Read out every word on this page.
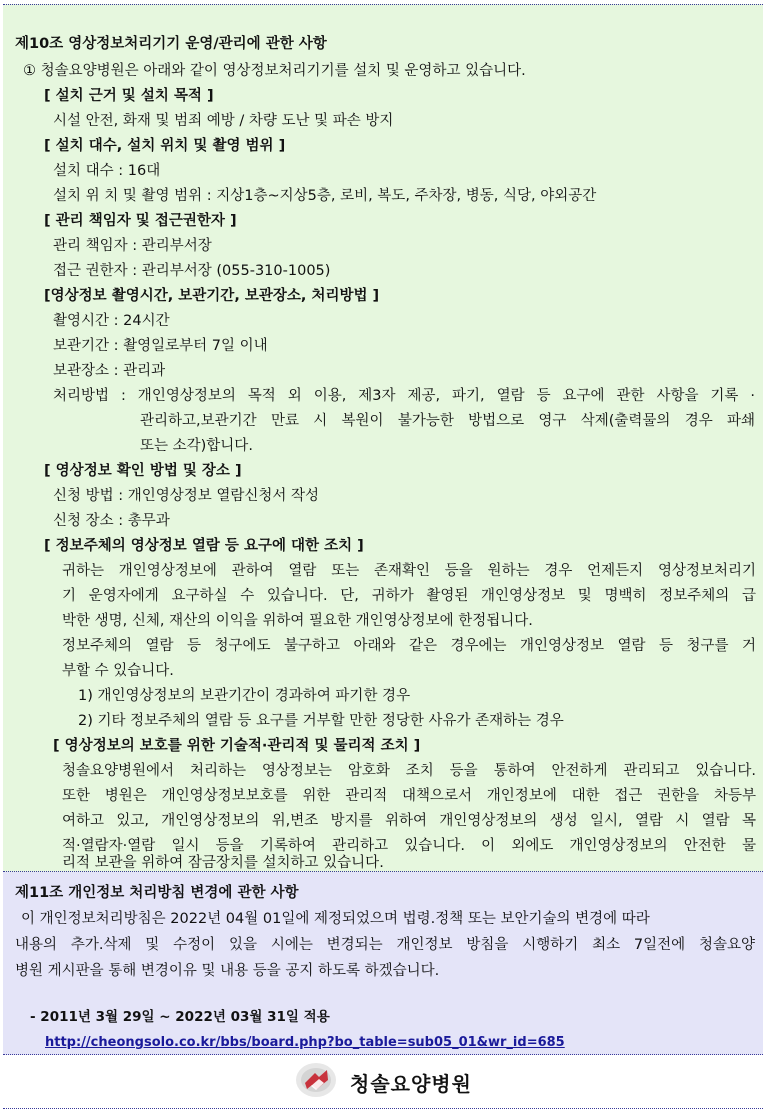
제10조 영상정보처리기기 운영/관리에 관한 사항
① 청솔요양병원은 아래와 같이 영상정보처리기기를 설치 및 운영하고 있습니다.
[ 설치 근거 및 설치 목적 ]
시설 안전, 화재 및 범죄 예방 / 차량 도난 및 파손 방지
[ 설치 대수, 설치 위치 및 촬영 범위 ]
설치 대수 : 16대
설치 위 치 및 촬영 범위 : 지상1층~지상5층, 로비, 복도, 주차장, 병동, 식당, 야외공간
[ 관리 책임자 및 접근권한자 ]
관리 책임자 : 관리부서장
접근 권한자 : 관리부서장 (055-310-1005)
[영상정보 촬영시간, 보관기간, 보관장소, 처리방법 ]
촬영시간 : 24시간
보관기간 : 촬영일로부터 7일 이내
보관장소 : 관리과
처리방법 : 개인영상정보의 목적 외 이용, 제3자 제공, 파기, 열람 등 요구에 관한 사항을 기록 ·
관리하고,보관기간 만료 시 복원이 불가능한 방법으로 영구 삭제(출력물의 경우 파쇄
또는 소각)합니다.
[ 영상정보 확인 방법 및 장소 ]
신청 방법 : 개인영상정보 열람신청서 작성
신청 장소 : 총무과
[ 정보주체의 영상정보 열람 등 요구에 대한 조치 ]
귀하는 개인영상정보에 관하여 열람 또는 존재확인 등을 원하는 경우 언제든지 영상정보처리기
기 운영자에게 요구하실 수 있습니다. 단, 귀하가 촬영된 개인영상정보 및 명백히 정보주체의 급
박한 생명, 신체, 재산의 이익을 위하여 필요한 개인영상정보에 한정됩니다.
정보주체의 열람 등 청구에도 불구하고 아래와 같은 경우에는 개인영상정보 열람 등 청구를 거
부할 수 있습니다.
1) 개인영상정보의 보관기간이 경과하여 파기한 경우
2) 기타 정보주체의 열람 등 요구를 거부할 만한 정당한 사유가 존재하는 경우
[ 영상정보의 보호를 위한 기술적·관리적 및 물리적 조치 ]
청솔요양병원에서 처리하는 영상정보는 암호화 조치 등을 통하여 안전하게 관리되고 있습니다.
또한 병원은 개인영상정보보호를 위한 관리적 대책으로서 개인정보에 대한 접근 권한을 차등부
여하고 있고, 개인영상정보의 위,변조 방지를 위하여 개인영상정보의 생성 일시, 열람 시 열람 목
적·열람자·열람 일시 등을 기록하여 관리하고 있습니다. 이 외에도 개인영상정보의 안전한 물
리적 보관을 위하여 잠금장치를 설치하고 있습니다.
제11조 개인정보 처리방침 변경에 관한 사항
이 개인정보처리방침은 2022년 04월 01일에 제정되었으며 법령.정책 또는 보안기술의 변경에 따라
내용의 추가.삭제 및 수정이 있을 시에는 변경되는 개인정보 방침을 시행하기 최소 7일전에 청솔요양
병원 게시판을 통해 변경이유 및 내용 등을 공지 하도록 하겠습니다.
- 2011년 3월 29일 ~ 2022년 03월 31일 적용
http://cheongsolo.co.kr/bbs/board.php?bo_table=sub05_01&wr_id=685
청솔요양병원
